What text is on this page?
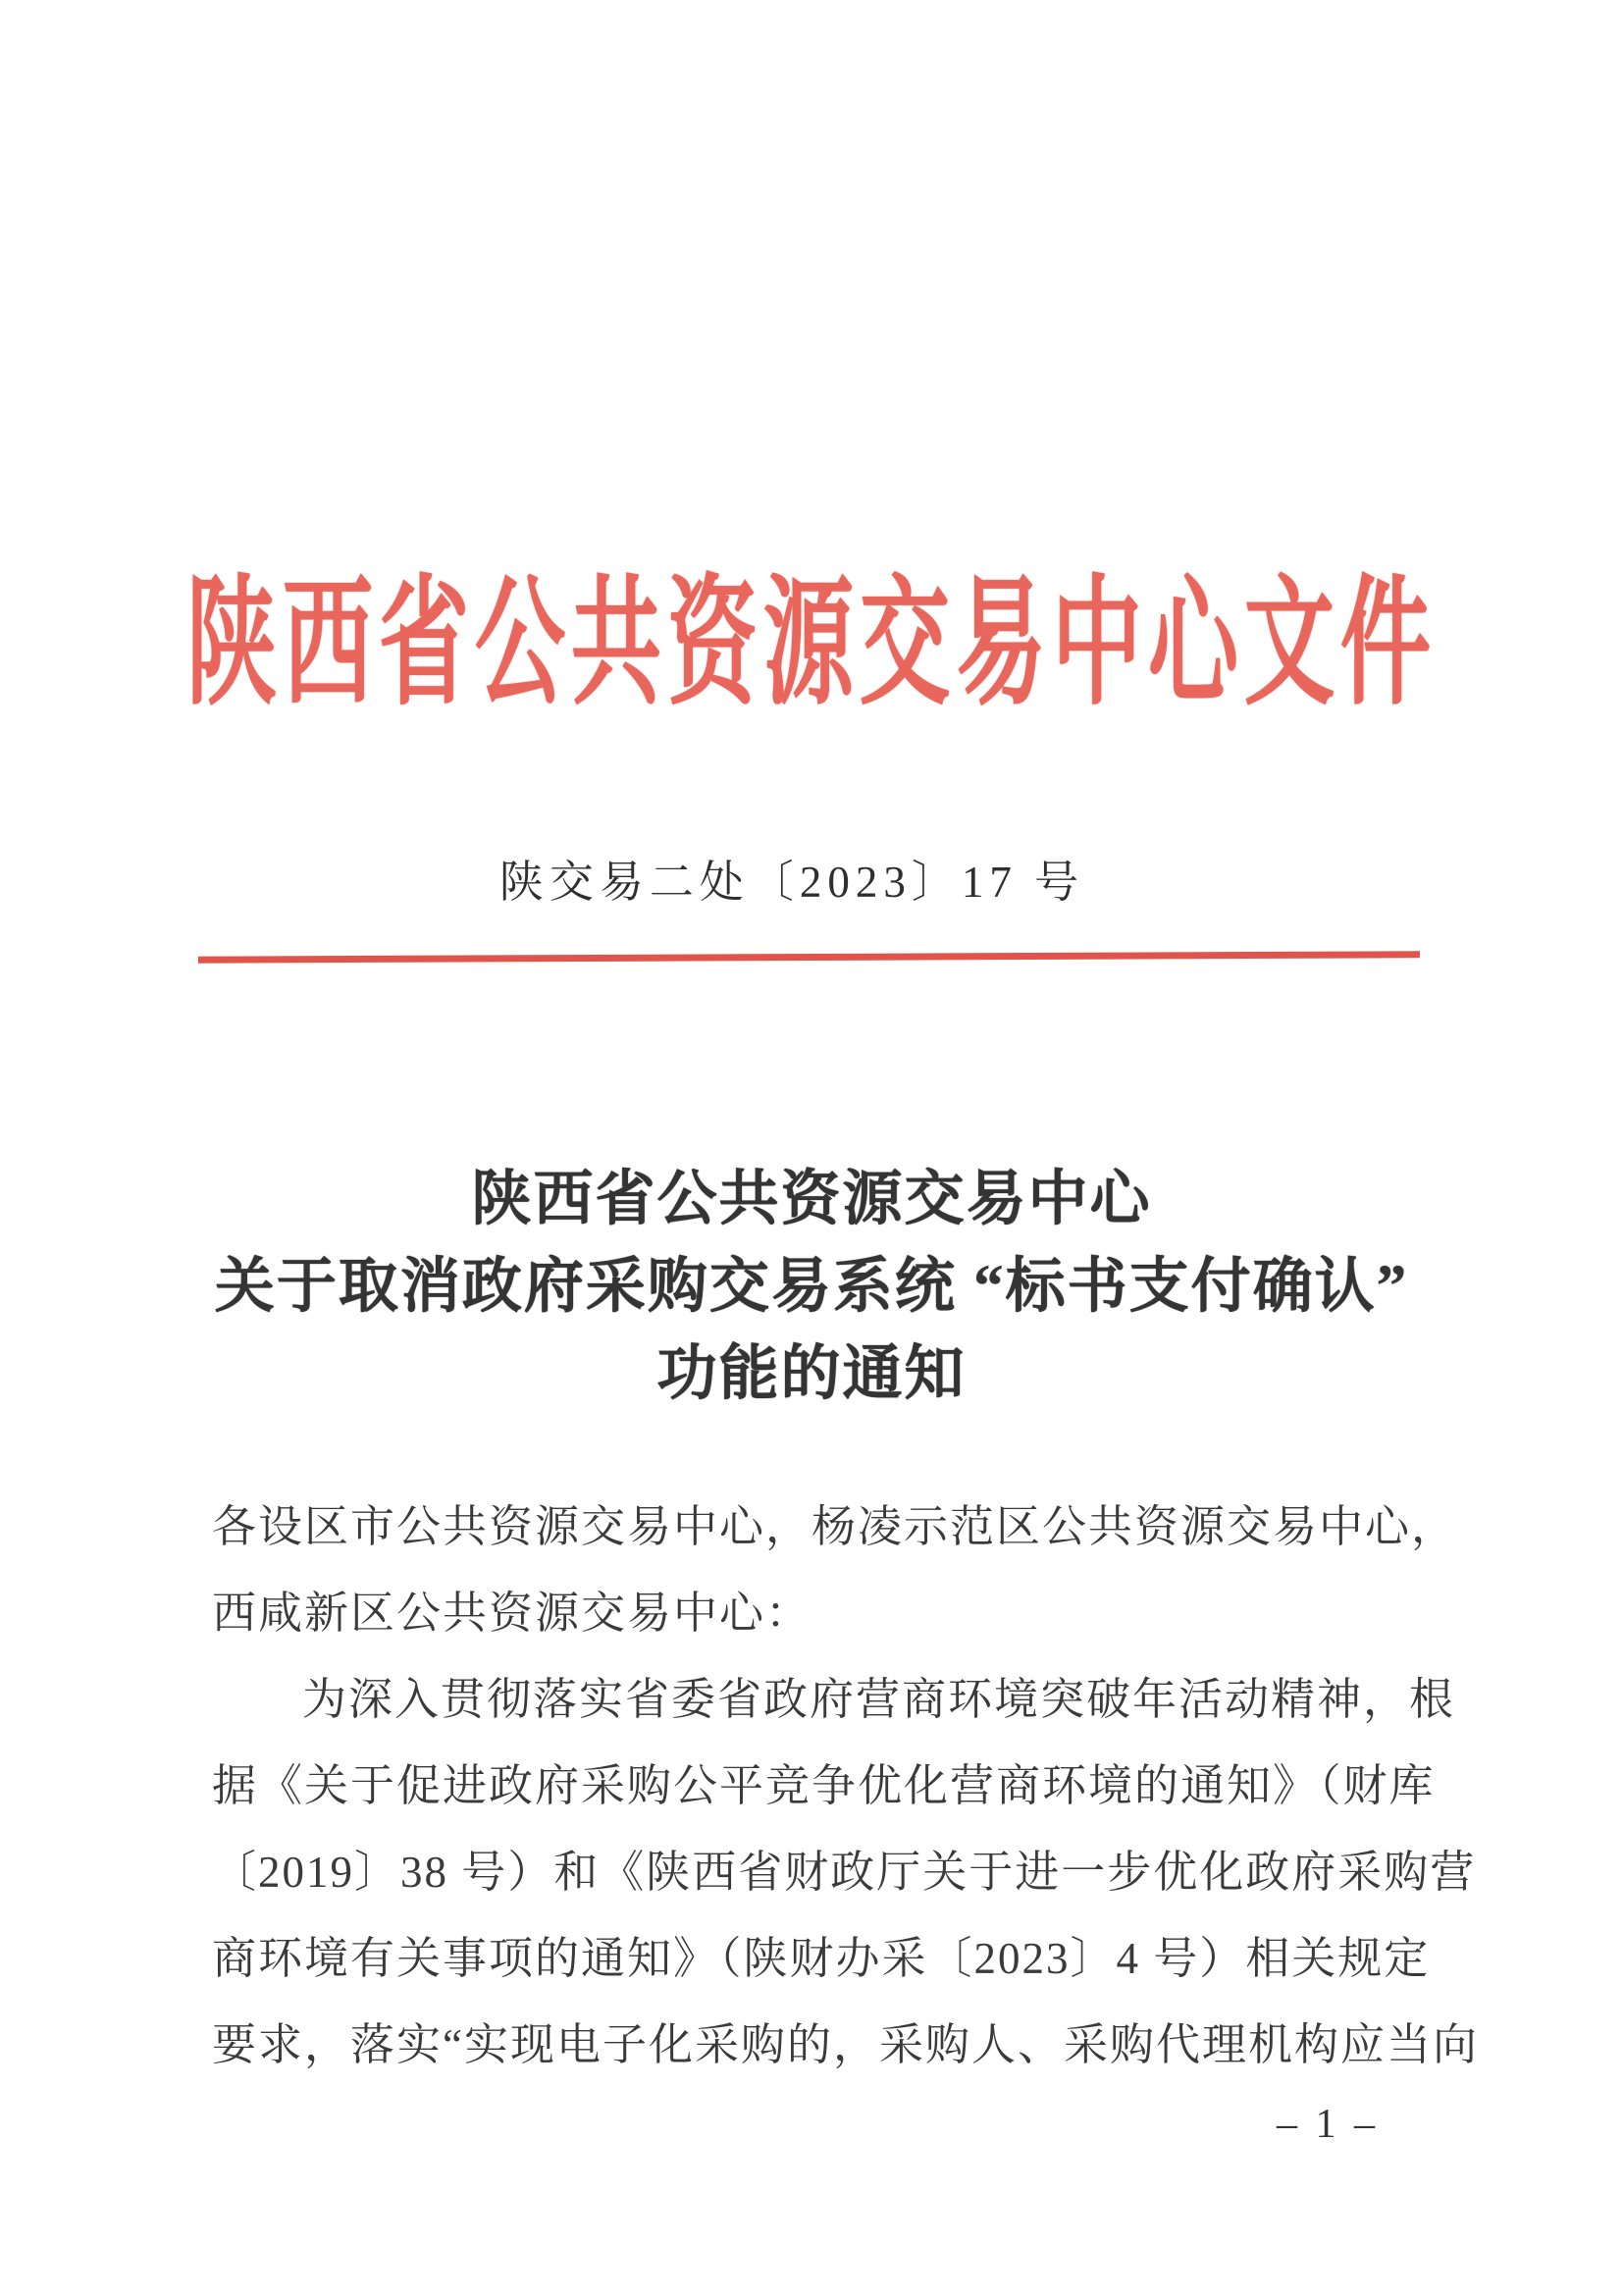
陕西省公共资源交易中心文件
陕交易二处〔2023〕17 号
陕西省公共资源交易中心
关于取消政府采购交易系统 “标书支付确认”
功能的通知
各设区市公共资源交易中心，杨凌示范区公共资源交易中心，
西咸新区公共资源交易中心：
为深入贯彻落实省委省政府营商环境突破年活动精神，根
据《关于促进政府采购公平竞争优化营商环境的通知》（财库
〔2019〕38 号）和《陕西省财政厅关于进一步优化政府采购营
商环境有关事项的通知》（陕财办采〔2023〕4 号）相关规定
要求，落实“实现电子化采购的，采购人、采购代理机构应当向
– 1 –
